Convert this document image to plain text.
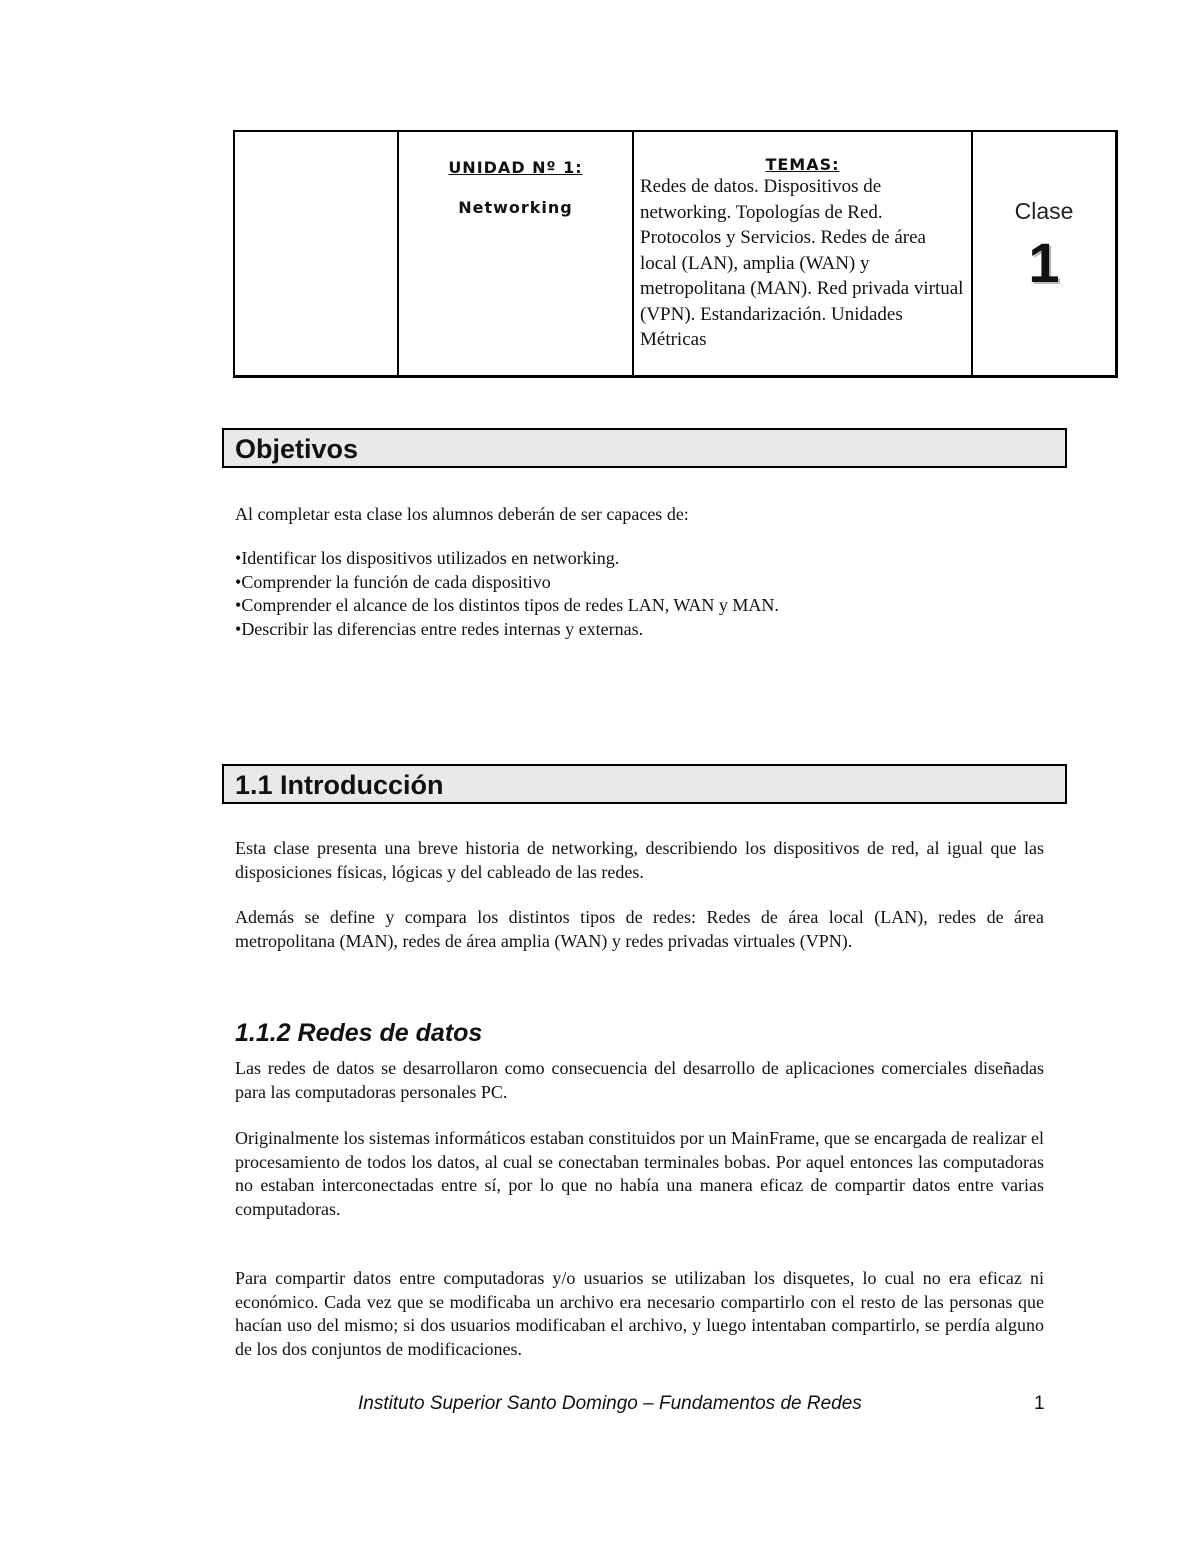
UNIDAD Nº 1:
Networking

TEMAS:
Redes de datos. Dispositivos de networking. Topologías de Red. Protocolos y Servicios. Redes de área local (LAN), amplia (WAN) y metropolitana (MAN). Red privada virtual (VPN). Estandarización. Unidades Métricas

Clase
1
Objetivos

Al completar esta clase los alumnos deberán de ser capaces de:

• Identificar los dispositivos utilizados en networking.
• Comprender la función de cada dispositivo
• Comprender el alcance de los distintos tipos de redes LAN, WAN y MAN.
• Describir las diferencias entre redes internas y externas.
1.1 Introducción

Esta clase presenta una breve historia de networking, describiendo los dispositivos de red, al igual que las disposiciones físicas, lógicas y del cableado de las redes.

Además se define y compara los distintos tipos de redes: Redes de área local (LAN), redes de área metropolitana (MAN), redes de área amplia (WAN) y redes privadas virtuales (VPN).

1.1.2 Redes de datos

Las redes de datos se desarrollaron como consecuencia del desarrollo de aplicaciones comerciales diseñadas para las computadoras personales PC.

Originalmente los sistemas informáticos estaban constituidos por un MainFrame, que se encargada de realizar el procesamiento de todos los datos, al cual se conectaban terminales bobas. Por aquel entonces las computadoras no estaban interconectadas entre sí, por lo que no había una manera eficaz de compartir datos entre varias computadoras.

Para compartir datos entre computadoras y/o usuarios se utilizaban los disquetes, lo cual no era eficaz ni económico. Cada vez que se modificaba un archivo era necesario compartirlo con el resto de las personas que hacían uso del mismo; si dos usuarios modificaban el archivo, y luego intentaban compartirlo, se perdía alguno de los dos conjuntos de modificaciones.

Instituto Superior Santo Domingo – Fundamentos de Redes	1
